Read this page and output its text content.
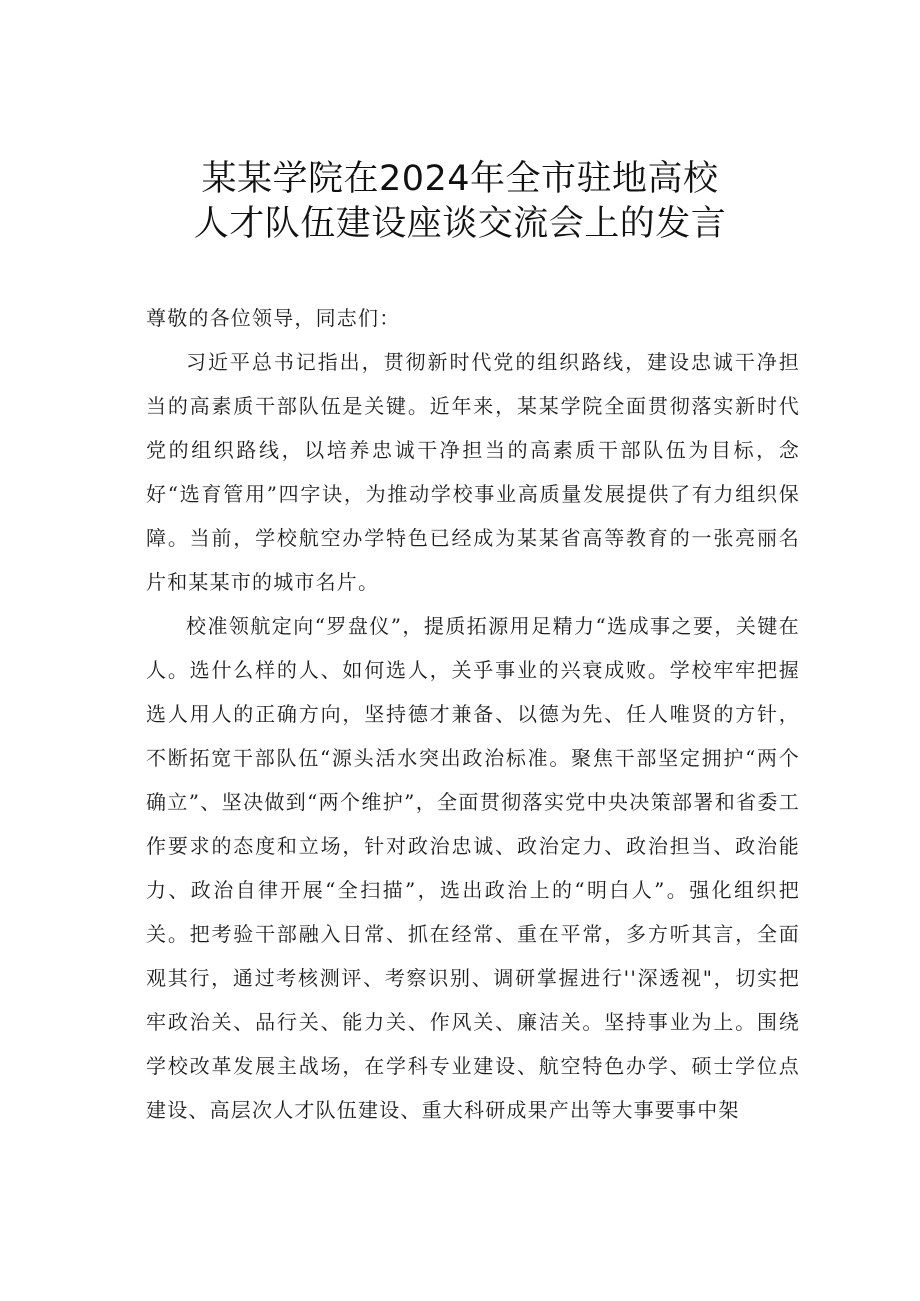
某某学院在2024年全市驻地高校
人才队伍建设座谈交流会上的发言
尊敬的各位领导，同志们：

习近平总书记指出，贯彻新时代党的组织路线，建设忠诚干净担当的高素质干部队伍是关键。近年来，某某学院全面贯彻落实新时代党的组织路线，以培养忠诚干净担当的高素质干部队伍为目标，念好“选育管用”四字诀，为推动学校事业高质量发展提供了有力组织保障。当前，学校航空办学特色已经成为某某省高等教育的一张亮丽名片和某某市的城市名片。

校准领航定向“罗盘仪”，提质拓源用足精力“选成事之要，关键在人。选什么样的人、如何选人，关乎事业的兴衰成败。学校牢牢把握选人用人的正确方向，坚持德才兼备、以德为先、任人唯贤的方针，不断拓宽干部队伍“源头活水突出政治标准。聚焦干部坚定拥护“两个确立”、坚决做到“两个维护”，全面贯彻落实党中央决策部署和省委工作要求的态度和立场，针对政治忠诚、政治定力、政治担当、政治能力、政治自律开展“全扫描”，选出政治上的“明白人”。强化组织把关。把考验干部融入日常、抓在经常、重在平常，多方听其言，全面观其行，通过考核测评、考察识别、调研掌握进行''深透视"，切实把牢政治关、品行关、能力关、作风关、廉洁关。坚持事业为上。围绕学校改革发展主战场，在学科专业建设、航空特色办学、硕士学位点建设、高层次人才队伍建设、重大科研成果产出等大事要事中架
